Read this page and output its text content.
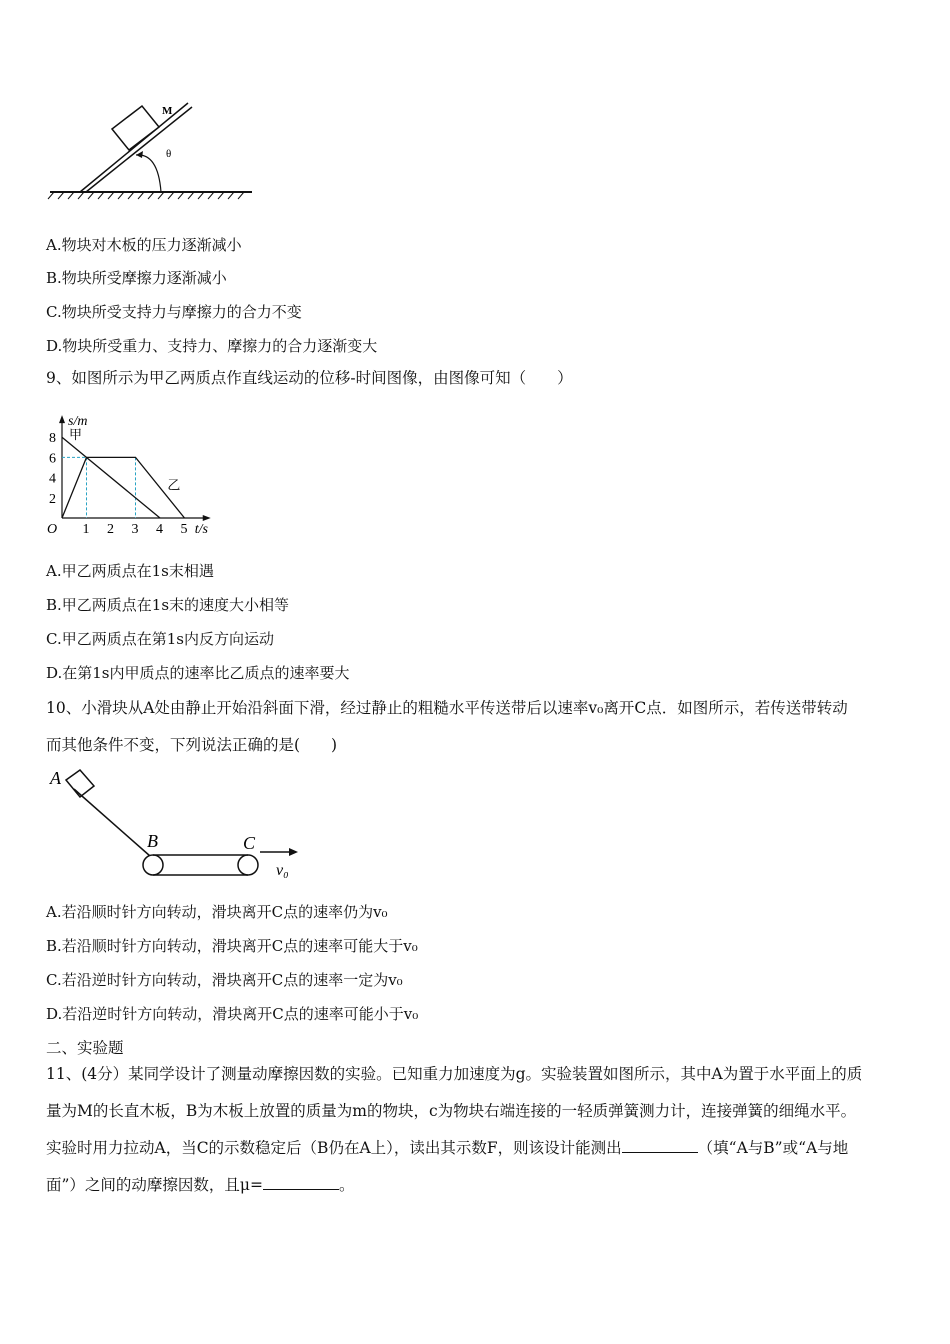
M
θ
A.物块对木板的压力逐渐减小
B.物块所受摩擦力逐渐减小
C.物块所受支持力与摩擦力的合力不变
D.物块所受重力、支持力、摩擦力的合力逐渐变大
9、如图所示为甲乙两质点作直线运动的位移-时间图像，由图像可知（　　）
甲
乙
1 2 3 4 5
2
4
6
8
O	t/s
s/m
A.甲乙两质点在1s末相遇
B.甲乙两质点在1s末的速度大小相等
C.甲乙两质点在第1s内反方向运动
D.在第1s内甲质点的速率比乙质点的速率要大
10、小滑块从A处由静止开始沿斜面下滑，经过静止的粗糙水平传送带后以速率v₀离开C点．如图所示，若传送带转动
而其他条件不变，下列说法正确的是(　　)
A
B	C
v₀
A.若沿顺时针方向转动，滑块离开C点的速率仍为v₀
B.若沿顺时针方向转动，滑块离开C点的速率可能大于v₀
C.若沿逆时针方向转动，滑块离开C点的速率一定为v₀
D.若沿逆时针方向转动，滑块离开C点的速率可能小于v₀
二、实验题
11、(4分）某同学设计了测量动摩擦因数的实验。已知重力加速度为g。实验装置如图所示，其中A为置于水平面上的质
量为M的长直木板，B为木板上放置的质量为m的物块，c为物块右端连接的一轻质弹簧测力计，连接弹簧的细绳水平。
实验时用力拉动A，当C的示数稳定后（B仍在A上），读出其示数F，则该设计能测出	（填“A与B”或“A与地
面”）之间的动摩擦因数，且μ=	。
